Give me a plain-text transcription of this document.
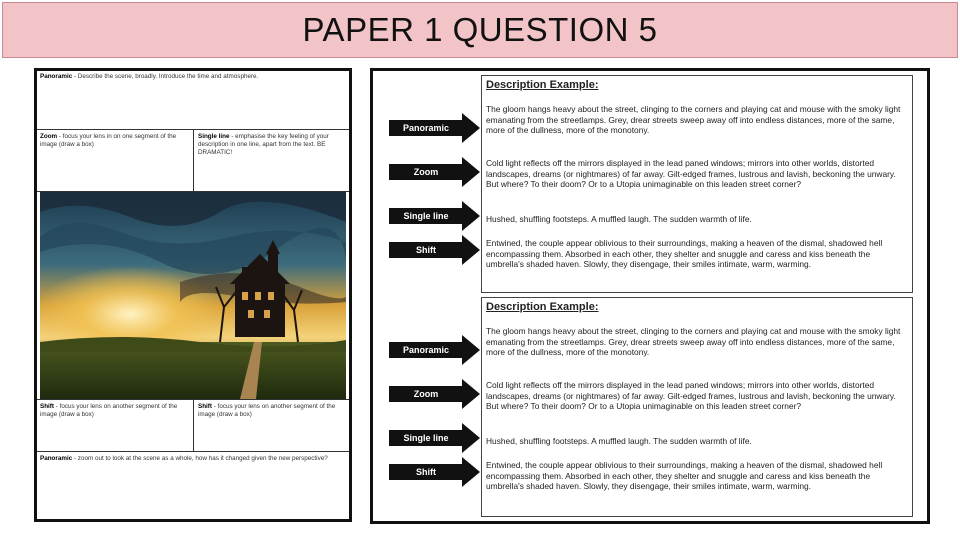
PAPER 1 QUESTION 5
Panoramic - Describe the scene, broadly. Introduce the time and atmosphere.
Zoom - focus your lens in on one segment of the image (draw a box)
Single line - emphasise the key feeling of your description in one line, apart from the text. BE DRAMATIC!
Shift - focus your lens on another segment of the image (draw a box)
Shift - focus your lens on another segment of the image (draw a box)
Panoramic - zoom out to look at the scene as a whole, how has it changed given the new perspective?
Description Example:
The gloom hangs heavy about the street, clinging to the corners and playing cat and mouse with the smoky light emanating from the streetlamps. Grey, drear streets sweep away off into endless distances, more of the same, more of the dullness, more of the monotony.
Cold light reflects off the mirrors displayed in the lead paned windows; mirrors into other worlds, distorted landscapes, dreams (or nightmares) of far away. Gilt-edged frames, lustrous and lavish, beckoning the unwary. But where? To their doom? Or to a Utopia unimaginable on this leaden street corner?
Hushed, shuffling footsteps. A muffled laugh. The sudden warmth of life.
Entwined, the couple appear oblivious to their surroundings, making a heaven of the dismal, shadowed hell encompassing them. Absorbed in each other, they shelter and snuggle and caress and kiss beneath the umbrella's shaded haven. Slowly, they disengage, their smiles intimate, warm, warming.
Panoramic
Zoom
Single line
Shift
Description Example:
The gloom hangs heavy about the street, clinging to the corners and playing cat and mouse with the smoky light emanating from the streetlamps. Grey, drear streets sweep away off into endless distances, more of the same, more of the dullness, more of the monotony.
Cold light reflects off the mirrors displayed in the lead paned windows; mirrors into other worlds, distorted landscapes, dreams (or nightmares) of far away. Gilt-edged frames, lustrous and lavish, beckoning the unwary. But where? To their doom? Or to a Utopia unimaginable on this leaden street corner?
Hushed, shuffling footsteps. A muffled laugh. The sudden warmth of life.
Entwined, the couple appear oblivious to their surroundings, making a heaven of the dismal, shadowed hell encompassing them. Absorbed in each other, they shelter and snuggle and caress and kiss beneath the umbrella's shaded haven. Slowly, they disengage, their smiles intimate, warm, warming.
Panoramic
Zoom
Single line
Shift
